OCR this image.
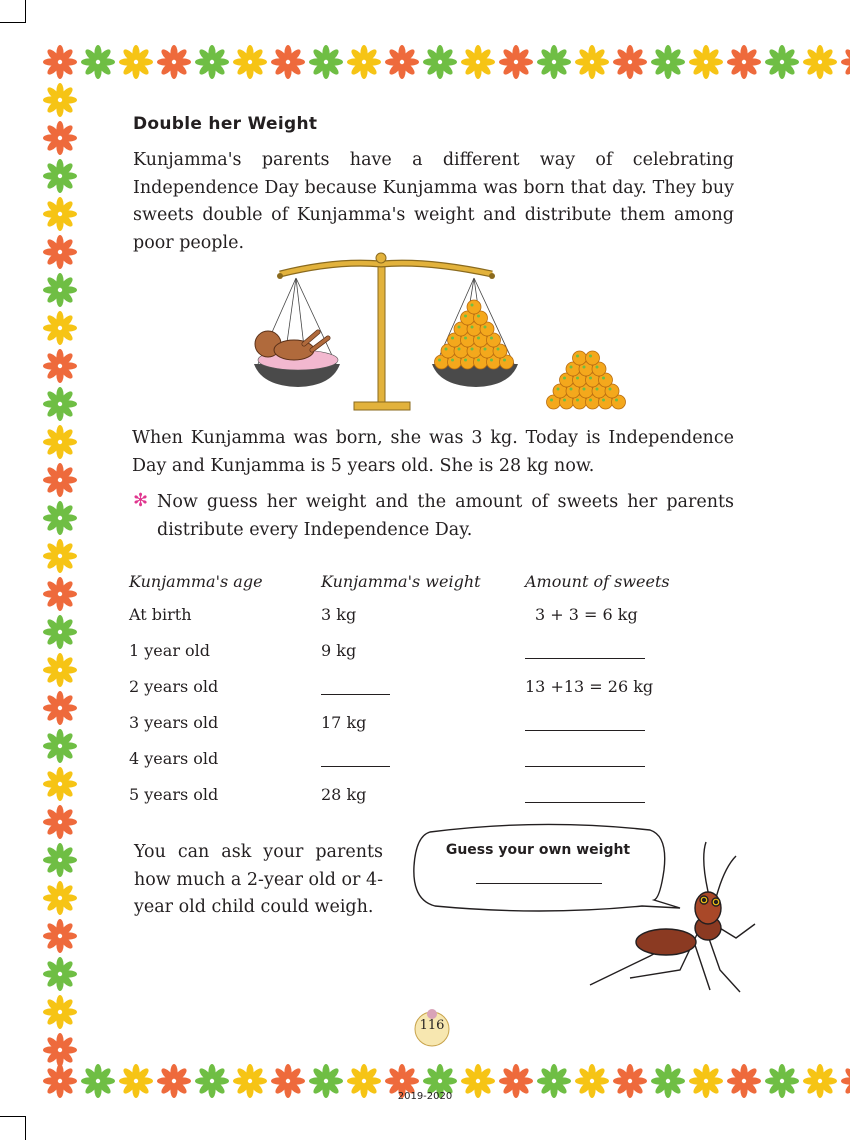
Double her Weight

Kunjamma's parents have a different way of celebrating Independence Day because Kunjamma was born that day. They buy sweets double of Kunjamma's weight and distribute them among poor people.

When Kunjamma was born, she was 3 kg. Today is Independence Day and Kunjamma is 5 years old. She is 28 kg now.

✻ Now guess her weight and the amount of sweets her parents distribute every Independence Day.

Kunjamma's age	Kunjamma's weight	Amount of sweets
At birth	3 kg	3 + 3 = 6 kg
1 year old	9 kg	
2 years old		13 +13 = 26 kg
3 years old	17 kg	
4 years old		
5 years old	28 kg	

You can ask your parents how much a 2-year old or 4-year old child could weigh.

Guess your own weight

116
2019-2020
